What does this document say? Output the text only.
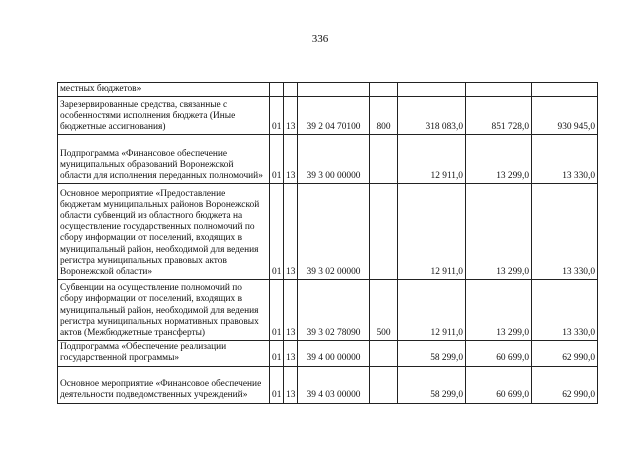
336
местных бюджетов»							
Зарезервированные средства, связанные с особенностями исполнения бюджета (Иные бюджетные ассигнования)	01	13	39 2 04 70100	800	318 083,0	851 728,0	930 945,0
Подпрограмма «Финансовое обеспечение муниципальных образований Воронежской области для исполнения переданных полномочий»	01	13	39 3 00 00000		12 911,0	13 299,0	13 330,0
Основное мероприятие «Предоставление бюджетам муниципальных районов Воронежской области субвенций из областного бюджета на осуществление государственных полномочий по сбору информации от поселений, входящих в муниципальный район, необходимой для ведения регистра муниципальных правовых актов Воронежской области»	01	13	39 3 02 00000		12 911,0	13 299,0	13 330,0
Субвенции на осуществление полномочий по сбору информации от поселений, входящих в муниципальный район, необходимой для ведения регистра муниципальных нормативных правовых актов (Межбюджетные трансферты)	01	13	39 3 02 78090	500	12 911,0	13 299,0	13 330,0
Подпрограмма «Обеспечение реализации государственной программы»	01	13	39 4 00 00000		58 299,0	60 699,0	62 990,0
Основное мероприятие «Финансовое обеспечение деятельности подведомственных учреждений»	01	13	39 4 03 00000		58 299,0	60 699,0	62 990,0
